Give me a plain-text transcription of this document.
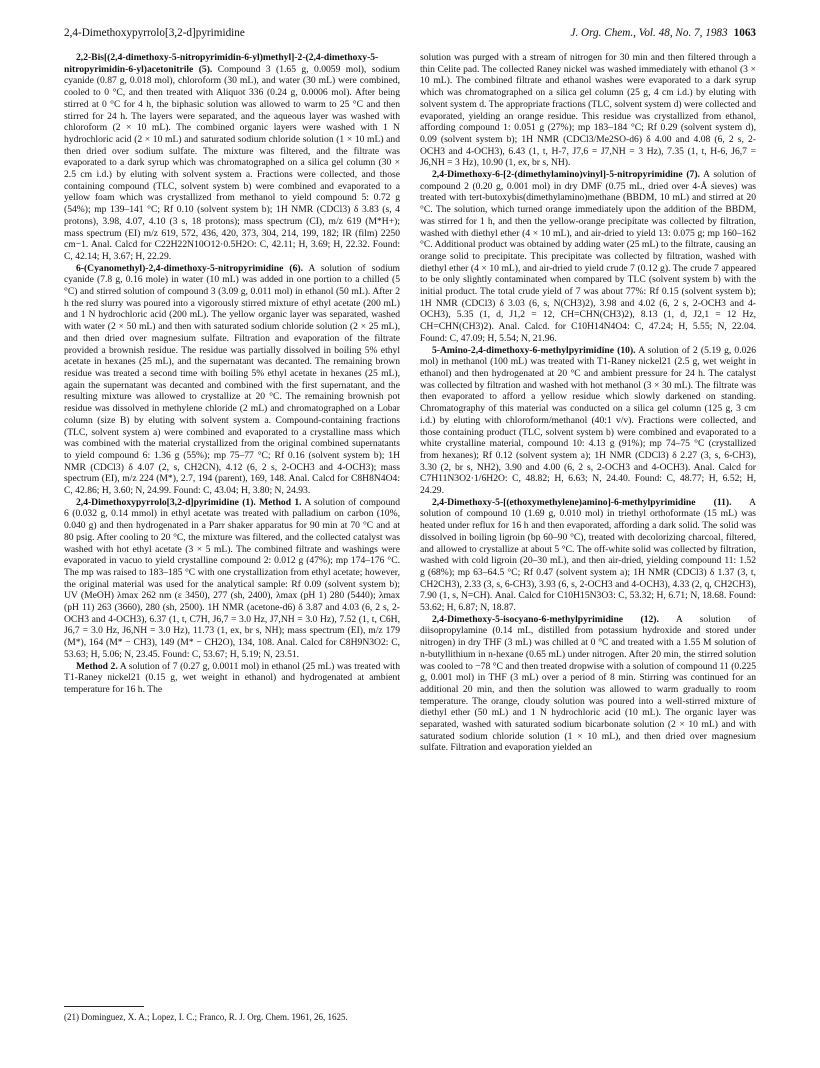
2,4-Dimethoxypyrrolo[3,2-d]pyrimidine	J. Org. Chem., Vol. 48, No. 7, 1983 1063

2,2-Bis[(2,4-dimethoxy-5-nitropyrimidin-6-yl)methyl]-2-(2,4-dimethoxy-5-nitropyrimidin-6-yl)acetonitrile (5). Compound 3 (1.65 g, 0.0059 mol), sodium cyanide (0.87 g, 0.018 mol), chloroform (30 mL), and water (30 mL) were combined, cooled to 0 °C, and then treated with Aliquot 336 (0.24 g, 0.0006 mol). After being stirred at 0 °C for 4 h, the biphasic solution was allowed to warm to 25 °C and then stirred for 24 h. The layers were separated, and the aqueous layer was washed with chloroform (2 × 10 mL). The combined organic layers were washed with 1 N hydrochloric acid (2 × 10 mL) and saturated sodium chloride solution (1 × 10 mL) and then dried over sodium sulfate. The mixture was filtered, and the filtrate was evaporated to a dark syrup which was chromatographed on a silica gel column (30 × 2.5 cm i.d.) by eluting with solvent system a. Fractions were collected, and those containing compound (TLC, solvent system b) were combined and evaporated to a yellow foam which was crystallized from methanol to yield compound 5: 0.72 g (54%); mp 139–141 °C; Rf 0.10 (solvent system b); 1H NMR (CDCl3) δ 3.83 (s, 4 protons), 3.98, 4.07, 4.10 (3 s, 18 protons); mass spectrum (CI), m/z 619 (M*H+); mass spectrum (EI) m/z 619, 572, 436, 420, 373, 304, 214, 199, 182; IR (film) 2250 cm−1. Anal. Calcd for C22H22N10O12·0.5H2O: C, 42.11; H, 3.69; H, 22.32. Found: C, 42.14; H, 3.67; H, 22.29.

6-(Cyanomethyl)-2,4-dimethoxy-5-nitropyrimidine (6). A solution of sodium cyanide (7.8 g, 0.16 mole) in water (10 mL) was added in one portion to a chilled (5 °C) and stirred solution of compound 3 (3.09 g, 0.011 mol) in ethanol (50 mL). After 2 h the red slurry was poured into a vigorously stirred mixture of ethyl acetate (200 mL) and 1 N hydrochloric acid (200 mL). The yellow organic layer was separated, washed with water (2 × 50 mL) and then with saturated sodium chloride solution (2 × 25 mL), and then dried over magnesium sulfate. Filtration and evaporation of the filtrate provided a brownish residue. The residue was partially dissolved in boiling 5% ethyl acetate in hexanes (25 mL), and the supernatant was decanted. The remaining brown residue was treated a second time with boiling 5% ethyl acetate in hexanes (25 mL), again the supernatant was decanted and combined with the first supernatant, and the resulting mixture was allowed to crystallize at 20 °C. The remaining brownish pot residue was dissolved in methylene chloride (2 mL) and chromatographed on a Lobar column (size B) by eluting with solvent system a. Compound-containing fractions (TLC, solvent system a) were combined and evaporated to a crystalline mass which was combined with the material crystallized from the original combined supernatants to yield compound 6: 1.36 g (55%); mp 75–77 °C; Rf 0.16 (solvent system b); 1H NMR (CDCl3) δ 4.07 (2, s, CH2CN), 4.12 (6, 2 s, 2-OCH3 and 4-OCH3); mass spectrum (EI), m/z 224 (M*), 2.7, 194 (parent), 169, 148. Anal. Calcd for C8H8N4O4: C, 42.86; H, 3.60; N, 24.99. Found: C, 43.04; H, 3.80; N, 24.93.

2,4-Dimethoxypyrrolo[3,2-d]pyrimidine (1). Method 1. A solution of compound 6 (0.032 g, 0.14 mmol) in ethyl acetate was treated with palladium on carbon (10%, 0.040 g) and then hydrogenated in a Parr shaker apparatus for 90 min at 70 °C and at 80 psig. After cooling to 20 °C, the mixture was filtered, and the collected catalyst was washed with hot ethyl acetate (3 × 5 mL). The combined filtrate and washings were evaporated in vacuo to yield crystalline compound 2: 0.012 g (47%); mp 174–176 °C. The mp was raised to 183–185 °C with one crystallization from ethyl acetate; however, the original material was used for the analytical sample: Rf 0.09 (solvent system b); UV (MeOH) λmax 262 nm (ε 3450), 277 (sh, 2400), λmax (pH 1) 280 (5440); λmax (pH 11) 263 (3660), 280 (sh, 2500). 1H NMR (acetone-d6) δ 3.87 and 4.03 (6, 2 s, 2-OCH3 and 4-OCH3), 6.37 (1, t, C7H, J6,7 = 3.0 Hz, J7,NH = 3.0 Hz), 7.52 (1, t, C6H, J6,7 = 3.0 Hz, J6,NH = 3.0 Hz), 11.73 (1, ex, br s, NH); mass spectrum (EI), m/z 179 (M*), 164 (M* − CH3), 149 (M* − CH2O), 134, 108. Anal. Calcd for C8H9N3O2: C, 53.63; H, 5.06; N, 23.45. Found: C, 53.67; H, 5.19; N, 23.51.

Method 2. A solution of 7 (0.27 g, 0.0011 mol) in ethanol (25 mL) was treated with T1-Raney nickel21 (0.15 g, wet weight in ethanol) and hydrogenated at ambient temperature for 16 h. The

solution was purged with a stream of nitrogen for 30 min and then filtered through a thin Celite pad. The collected Raney nickel was washed immediately with ethanol (3 × 10 mL). The combined filtrate and ethanol washes were evaporated to a dark syrup which was chromatographed on a silica gel column (25 g, 4 cm i.d.) by eluting with solvent system d. The appropriate fractions (TLC, solvent system d) were collected and evaporated, yielding an orange residue. This residue was crystallized from ethanol, affording compound 1: 0.051 g (27%); mp 183–184 °C; Rf 0.29 (solvent system d), 0.09 (solvent system b); 1H NMR (CDCl3/Me2SO-d6) δ 4.00 and 4.08 (6, 2 s, 2-OCH3 and 4-OCH3), 6.43 (1, t, H-7, J7,6 = J7,NH = 3 Hz), 7.35 (1, t, H-6, J6,7 = J6,NH = 3 Hz), 10.90 (1, ex, br s, NH).

2,4-Dimethoxy-6-[2-(dimethylamino)vinyl]-5-nitropyrimidine (7). A solution of compound 2 (0.20 g, 0.001 mol) in dry DMF (0.75 mL, dried over 4-Å sieves) was treated with tert-butoxybis(dimethylamino)methane (BBDM, 10 mL) and stirred at 20 °C. The solution, which turned orange immediately upon the addition of the BBDM, was stirred for 1 h, and then the yellow-orange precipitate was collected by filtration, washed with diethyl ether (4 × 10 mL), and air-dried to yield 13: 0.075 g; mp 160–162 °C. Additional product was obtained by adding water (25 mL) to the filtrate, causing an orange solid to precipitate. This precipitate was collected by filtration, washed with diethyl ether (4 × 10 mL), and air-dried to yield crude 7 (0.12 g). The crude 7 appeared to be only slightly contaminated when compared by TLC (solvent system b) with the initial product. The total crude yield of 7 was about 77%: Rf 0.15 (solvent system b); 1H NMR (CDCl3) δ 3.03 (6, s, N(CH3)2), 3.98 and 4.02 (6, 2 s, 2-OCH3 and 4-OCH3), 5.35 (1, d, J1,2 = 12, CH=CHN(CH3)2), 8.13 (1, d, J2,1 = 12 Hz, CH=CHN(CH3)2). Anal. Calcd. for C10H14N4O4: C, 47.24; H, 5.55; N, 22.04. Found: C, 47.09; H, 5.54; N, 21.96.

5-Amino-2,4-dimethoxy-6-methylpyrimidine (10). A solution of 2 (5.19 g, 0.026 mol) in methanol (100 mL) was treated with T1-Raney nickel21 (2.5 g, wet weight in ethanol) and then hydrogenated at 20 °C and ambient pressure for 24 h. The catalyst was collected by filtration and washed with hot methanol (3 × 30 mL). The filtrate was then evaporated to afford a yellow residue which slowly darkened on standing. Chromatography of this material was conducted on a silica gel column (125 g, 3 cm i.d.) by eluting with chloroform/methanol (40:1 v/v). Fractions were collected, and those containing product (TLC, solvent system b) were combined and evaporated to a white crystalline material, compound 10: 4.13 g (91%); mp 74–75 °C (crystallized from hexanes); Rf 0.12 (solvent system a); 1H NMR (CDCl3) δ 2.27 (3, s, 6-CH3), 3.30 (2, br s, NH2), 3.90 and 4.00 (6, 2 s, 2-OCH3 and 4-OCH3). Anal. Calcd for C7H11N3O2·1/6H2O: C, 48.82; H, 6.63; N, 24.40. Found: C, 48.77; H, 6.52; H, 24.29.

2,4-Dimethoxy-5-[(ethoxymethylene)amino]-6-methylpyrimidine (11). A solution of compound 10 (1.69 g, 0.010 mol) in triethyl orthoformate (15 mL) was heated under reflux for 16 h and then evaporated, affording a dark solid. The solid was dissolved in boiling ligroin (bp 60–90 °C), treated with decolorizing charcoal, filtered, and allowed to crystallize at about 5 °C. The off-white solid was collected by filtration, washed with cold ligroin (20–30 mL), and then air-dried, yielding compound 11: 1.52 g (68%); mp 63–64.5 °C; Rf 0.47 (solvent system a); 1H NMR (CDCl3) δ 1.37 (3, t, CH2CH3), 2.33 (3, s, 6-CH3), 3.93 (6, s, 2-OCH3 and 4-OCH3), 4.33 (2, q, CH2CH3), 7.90 (1, s, N=CH). Anal. Calcd for C10H15N3O3: C, 53.32; H, 6.71; N, 18.68. Found: 53.62; H, 6.87; N, 18.87.

2,4-Dimethoxy-5-isocyano-6-methylpyrimidine (12). A solution of diisopropylamine (0.14 mL, distilled from potassium hydroxide and stored under nitrogen) in dry THF (3 mL) was chilled at 0 °C and treated with a 1.55 M solution of n-butyllithium in n-hexane (0.65 mL) under nitrogen. After 20 min, the stirred solution was cooled to −78 °C and then treated dropwise with a solution of compound 11 (0.225 g, 0.001 mol) in THF (3 mL) over a period of 8 min. Stirring was continued for an additional 20 min, and then the solution was allowed to warm gradually to room temperature. The orange, cloudy solution was poured into a well-stirred mixture of diethyl ether (50 mL) and 1 N hydrochloric acid (10 mL). The organic layer was separated, washed with saturated sodium bicarbonate solution (2 × 10 mL) and with saturated sodium chloride solution (1 × 10 mL), and then dried over magnesium sulfate. Filtration and evaporation yielded an

(21) Dominguez, X. A.; Lopez, I. C.; Franco, R. J. Org. Chem. 1961, 26, 1625.
